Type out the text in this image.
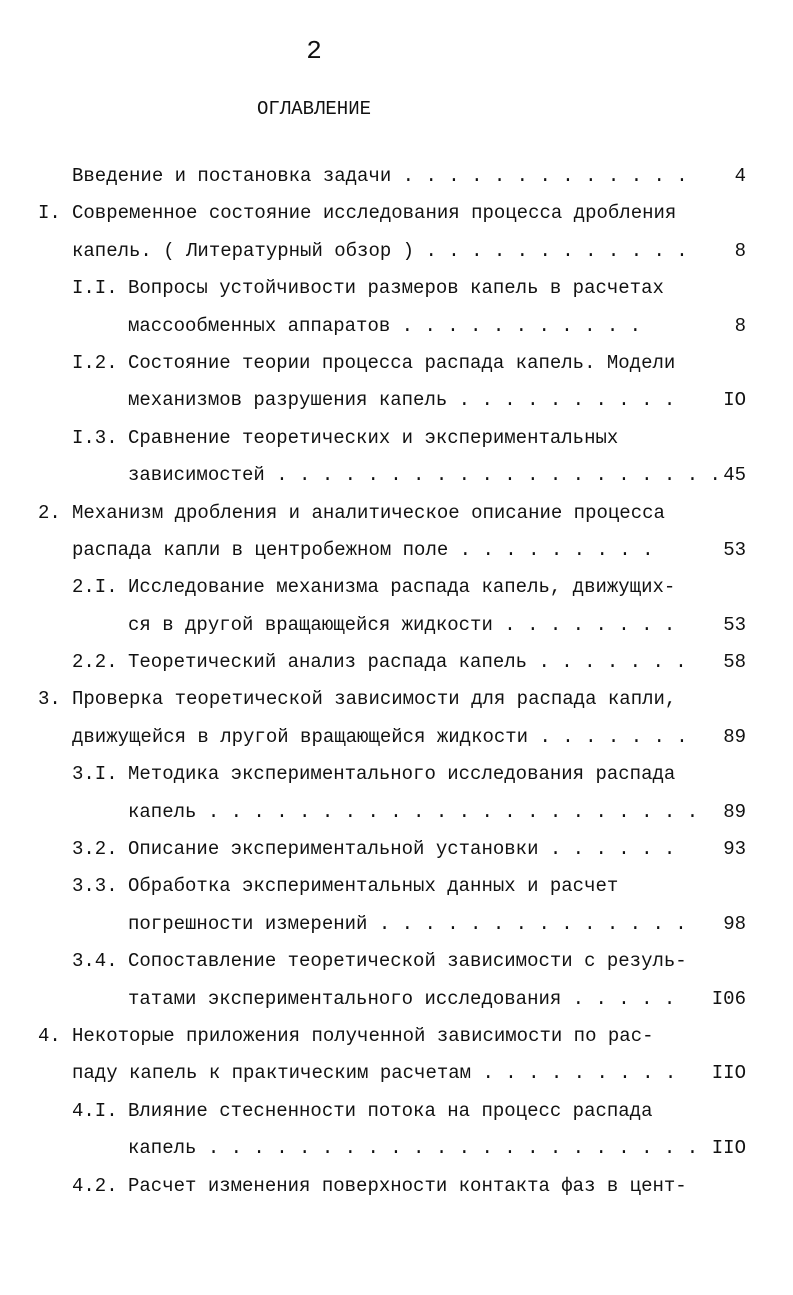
2
ОГЛАВЛЕНИЕ
Введение и постановка задачи . . . . . . . . . . . . . 4
I. Современное состояние исследования процесса дробления
капель. ( Литературный обзор ) . . . . . . . . . . . . 8
I.I. Вопросы устойчивости размеров капель в расчетах
массообменных аппаратов . . . . . . . . . . .	8
I.2. Состояние теории процесса распада капель. Модели
механизмов разрушения капель . . . . . . . . . .	IO
I.3. Сравнение теоретических и экспериментальных
зависимостей . . . . . . . . . . . . . . . . . . . . 45
2. Механизм дробления и аналитическое описание процесса
распада капли в центробежном поле . . . . . . . . .	53
2.I. Исследование механизма распада капель, движущих-
ся в другой вращающейся жидкости . . . . . . . .	53
2.2. Теоретический анализ распада капель . . . . . . . 58
3. Проверка теоретической зависимости для распада капли,
движущейся в лругой вращающейся жидкости . . . . . . . 89
3.I. Методика экспериментального исследования распада
капель . . . . . . . . . . . . . . . . . . . . . . 89
3.2. Описание экспериментальной установки . . . . . .	93
3.3. Обработка экспериментальных данных и расчет
погрешности измерений . . . . . . . . . . . . . . 98
3.4. Сопоставление теоретической зависимости с резуль-
татами экспериментального исследования . . . . . I06
4. Некоторые приложения полученной зависимости по рас-
паду капель к практическим расчетам . . . . . . . . . IIO
4.I. Влияние стесненности потока на процесс распада
капель . . . . . . . . . . . . . . . . . . . . . . IIO
4.2. Расчет изменения поверхности контакта фаз в цент-
